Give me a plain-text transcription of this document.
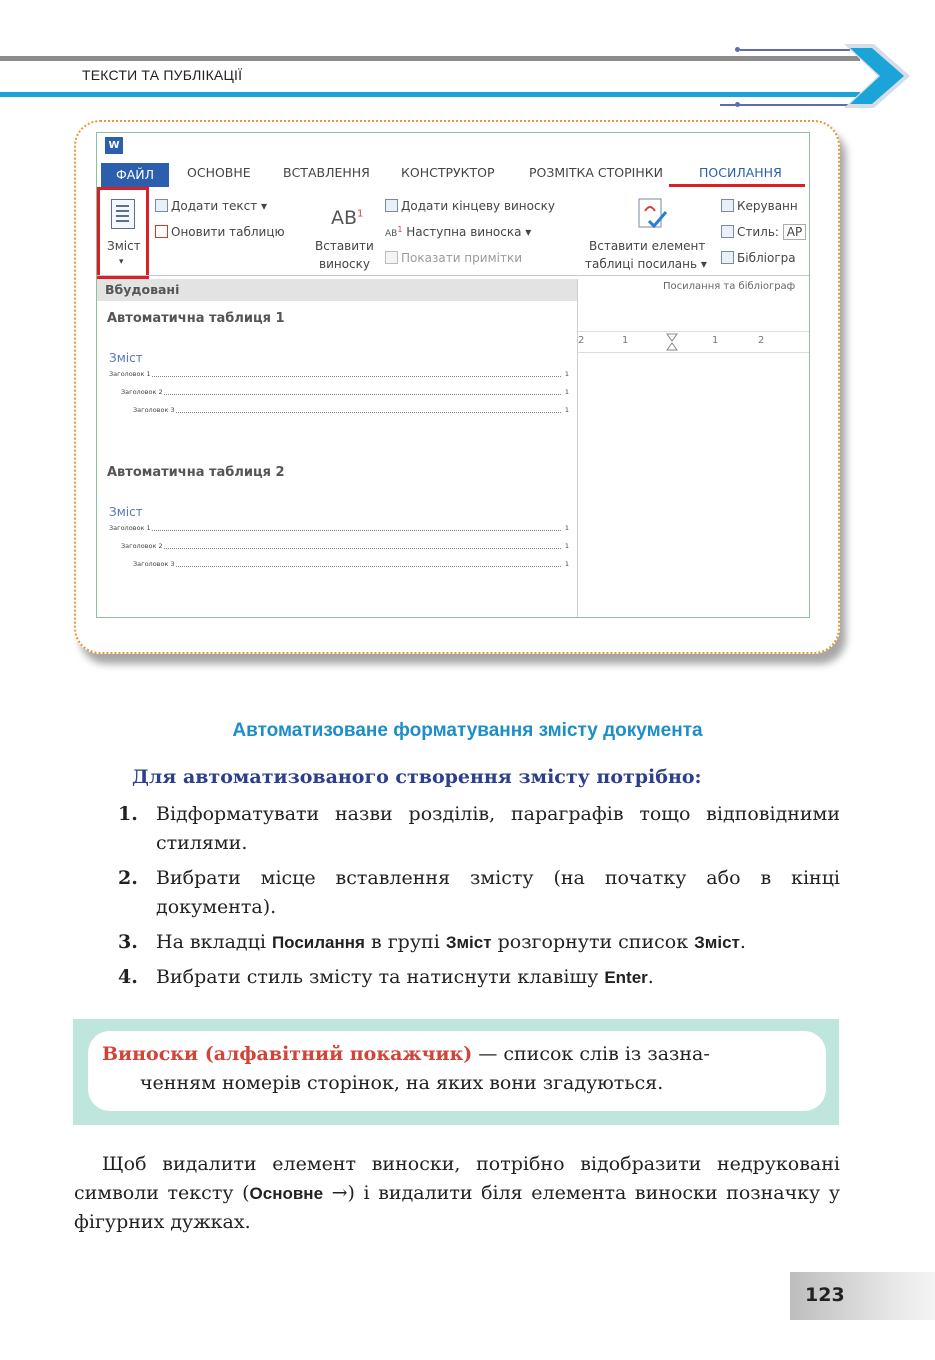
ТЕКСТИ ТА ПУБЛІКАЦІЇ
W
ФАЙЛ	ОСНОВНЕ	ВСТАВЛЕННЯ КОНСТРУКТОР	РОЗМІТКА СТОРІНКИ	ПОСИЛАННЯ
Зміст
▾
Додати текст ▾
Оновити таблицю
$AB^1$
Вставити
виноску
Додати кінцеву виноску
$AB^1$ Наступна виноска ▾
Показати примітки
Вставити елемент
таблиці посилань ▾
Керуванн
Стиль: AP
Бібліогра
Вбудовані
Автоматична таблиця 1
Зміст
Заголовок 1	1
Заголовок 2	1
Заголовок 3	1
Автоматична таблиця 2
Зміст
Заголовок 1	1
Заголовок 2	1
Заголовок 3	1
Посилання та бібліограф
2	1	1	2
Автоматизоване форматування змісту документа
Для автоматизованого створення змісту потрібно:
1. Відформатувати назви розділів, параграфів тощо відповідними стилями.
2. Вибрати місце вставлення змісту (на початку або в кінці документа).
3. На вкладці Посилання в групі Зміст розгорнути список Зміст.
4. Вибрати стиль змісту та натиснути клавішу Enter.
Виноски (алфавітний покажчик) — список слів із зазна-
ченням номерів сторінок, на яких вони згадуються.
Щоб видалити елемент виноски, потрібно відобразити недруковані символи тексту (Основне →) і видалити біля елемента виноски позначку у фігурних дужках.
123
